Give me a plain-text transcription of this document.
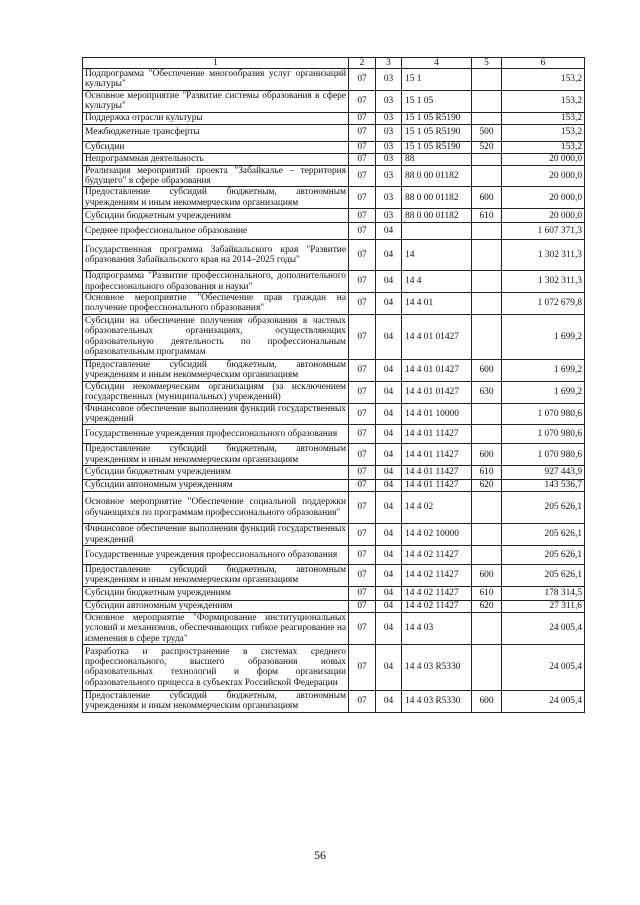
1	2	3	4	5	6
Подпрограмма "Обеспечение многообразия услуг организаций культуры"	07	03	15 1		153,2
Основное мероприятие "Развитие системы образования в сфере культуры"	07	03	15 1 05		153,2
Поддержка отрасли культуры	07	03	15 1 05 R5190		153,2
Межбюджетные трансферты	07	03	15 1 05 R5190	500	153,2
Субсидии	07	03	15 1 05 R5190	520	153,2
Непрограммная деятельность	07	03	88		20 000,0
Реализация мероприятий проекта "Забайкалье – территория будущего" в сфере образования	07	03	88 0 00 01182		20 000,0
Предоставление субсидий бюджетным, автономным учреждениям и иным некоммерческим организациям	07	03	88 0 00 01182	600	20 000,0
Субсидии бюджетным учреждениям	07	03	88 0 00 01182	610	20 000,0
Среднее профессиональное образование	07	04			1 607 371,3
Государственная программа Забайкальского края "Развитие образования Забайкальского края на 2014–2025 годы"	07	04	14		1 302 311,3
Подпрограмма "Развитие профессионального, дополнительного профессионального образования и науки"	07	04	14 4		1 302 311,3
Основное мероприятие "Обеспечение прав граждан на получение профессионального образования"	07	04	14 4 01		1 072 679,8
Субсидии на обеспечение получения образования в частных образовательных организациях, осуществляющих образовательную деятельность по профессиональным образовательным программам	07	04	14 4 01 01427		1 699,2
Предоставление субсидий бюджетным, автономным учреждениям и иным некоммерческим организациям	07	04	14 4 01 01427	600	1 699,2
Субсидии некоммерческим организациям (за исключением государственных (муниципальных) учреждений)	07	04	14 4 01 01427	630	1 699,2
Финансовое обеспечение выполнения функций государственных учреждений	07	04	14 4 01 10000		1 070 980,6
Государственные учреждения профессионального образования	07	04	14 4 01 11427		1 070 980,6
Предоставление субсидий бюджетным, автономным учреждениям и иным некоммерческим организациям	07	04	14 4 01 11427	600	1 070 980,6
Субсидии бюджетным учреждениям	07	04	14 4 01 11427	610	927 443,9
Субсидии автономным учреждениям	07	04	14 4 01 11427	620	143 536,7
Основное мероприятие "Обеспечение социальной поддержки обучающихся по программам профессионального образования"	07	04	14 4 02		205 626,1
Финансовое обеспечение выполнения функций государственных учреждений	07	04	14 4 02 10000		205 626,1
Государственные учреждения профессионального образования	07	04	14 4 02 11427		205 626,1
Предоставление субсидий бюджетным, автономным учреждениям и иным некоммерческим организациям	07	04	14 4 02 11427	600	205 626,1
Субсидии бюджетным учреждениям	07	04	14 4 02 11427	610	178 314,5
Субсидии автономным учреждениям	07	04	14 4 02 11427	620	27 311,6
Основное мероприятие "Формирование институциональных условий и механизмов, обеспечивающих гибкое реагирование на изменения в сфере труда"	07	04	14 4 03		24 005,4
Разработка и распространение в системах среднего профессионального, высшего образования новых образовательных технологий и форм организации образовательного процесса в субъектах Российской Федерации	07	04	14 4 03 R5330		24 005,4
Предоставление субсидий бюджетным, автономным учреждениям и иным некоммерческим организациям	07	04	14 4 03 R5330	600	24 005,4
56
